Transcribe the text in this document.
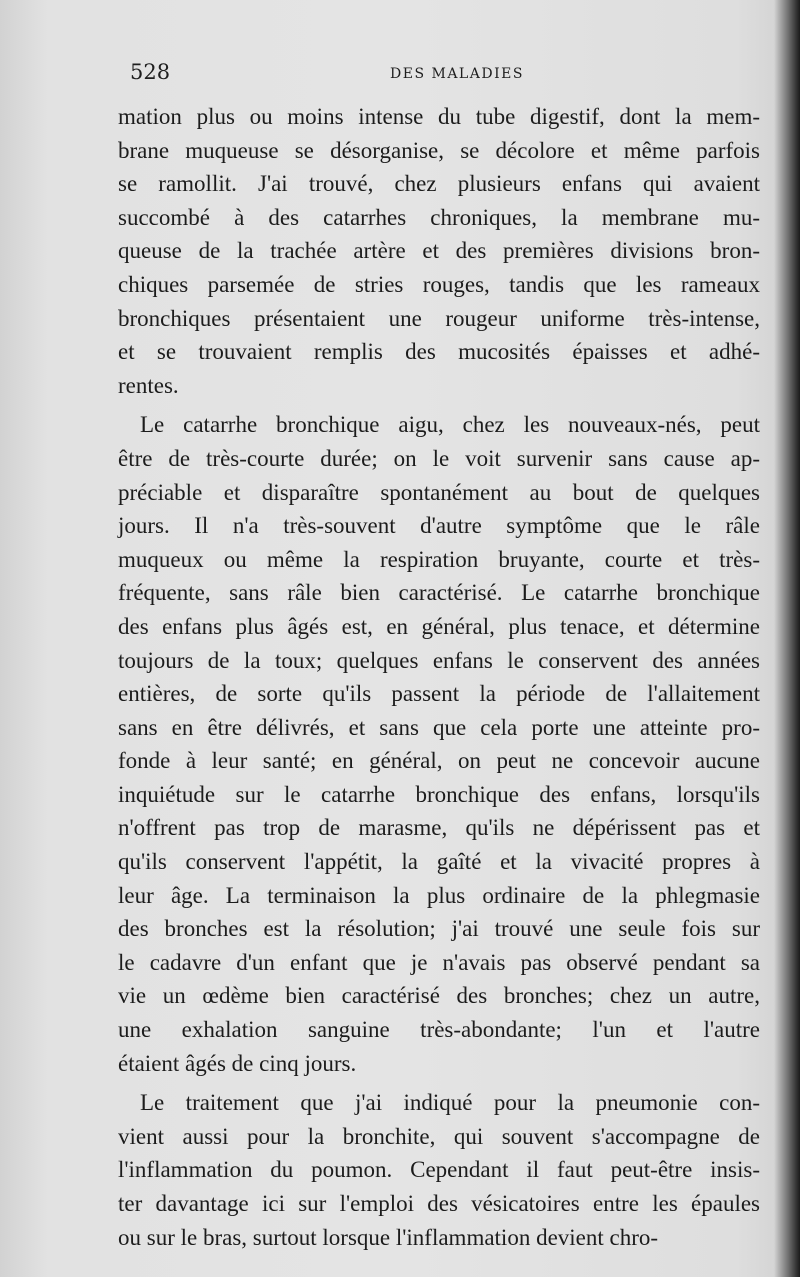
528	DES MALADIES
mation plus ou moins intense du tube digestif, dont la mem-
brane muqueuse se désorganise, se décolore et même parfois
se ramollit. J'ai trouvé, chez plusieurs enfans qui avaient
succombé à des catarrhes chroniques, la membrane mu-
queuse de la trachée artère et des premières divisions bron-
chiques parsemée de stries rouges, tandis que les rameaux
bronchiques présentaient une rougeur uniforme très-intense,
et se trouvaient remplis des mucosités épaisses et adhé-
rentes.
Le catarrhe bronchique aigu, chez les nouveaux-nés, peut
être de très-courte durée; on le voit survenir sans cause ap-
préciable et disparaître spontanément au bout de quelques
jours. Il n'a très-souvent d'autre symptôme que le râle
muqueux ou même la respiration bruyante, courte et très-
fréquente, sans râle bien caractérisé. Le catarrhe bronchique
des enfans plus âgés est, en général, plus tenace, et détermine
toujours de la toux; quelques enfans le conservent des années
entières, de sorte qu'ils passent la période de l'allaitement
sans en être délivrés, et sans que cela porte une atteinte pro-
fonde à leur santé; en général, on peut ne concevoir aucune
inquiétude sur le catarrhe bronchique des enfans, lorsqu'ils
n'offrent pas trop de marasme, qu'ils ne dépérissent pas et
qu'ils conservent l'appétit, la gaîté et la vivacité propres à
leur âge. La terminaison la plus ordinaire de la phlegmasie
des bronches est la résolution; j'ai trouvé une seule fois sur
le cadavre d'un enfant que je n'avais pas observé pendant sa
vie un œdème bien caractérisé des bronches; chez un autre,
une exhalation sanguine très-abondante; l'un et l'autre
étaient âgés de cinq jours.
Le traitement que j'ai indiqué pour la pneumonie con-
vient aussi pour la bronchite, qui souvent s'accompagne de
l'inflammation du poumon. Cependant il faut peut-être insis-
ter davantage ici sur l'emploi des vésicatoires entre les épaules
ou sur le bras, surtout lorsque l'inflammation devient chro-
